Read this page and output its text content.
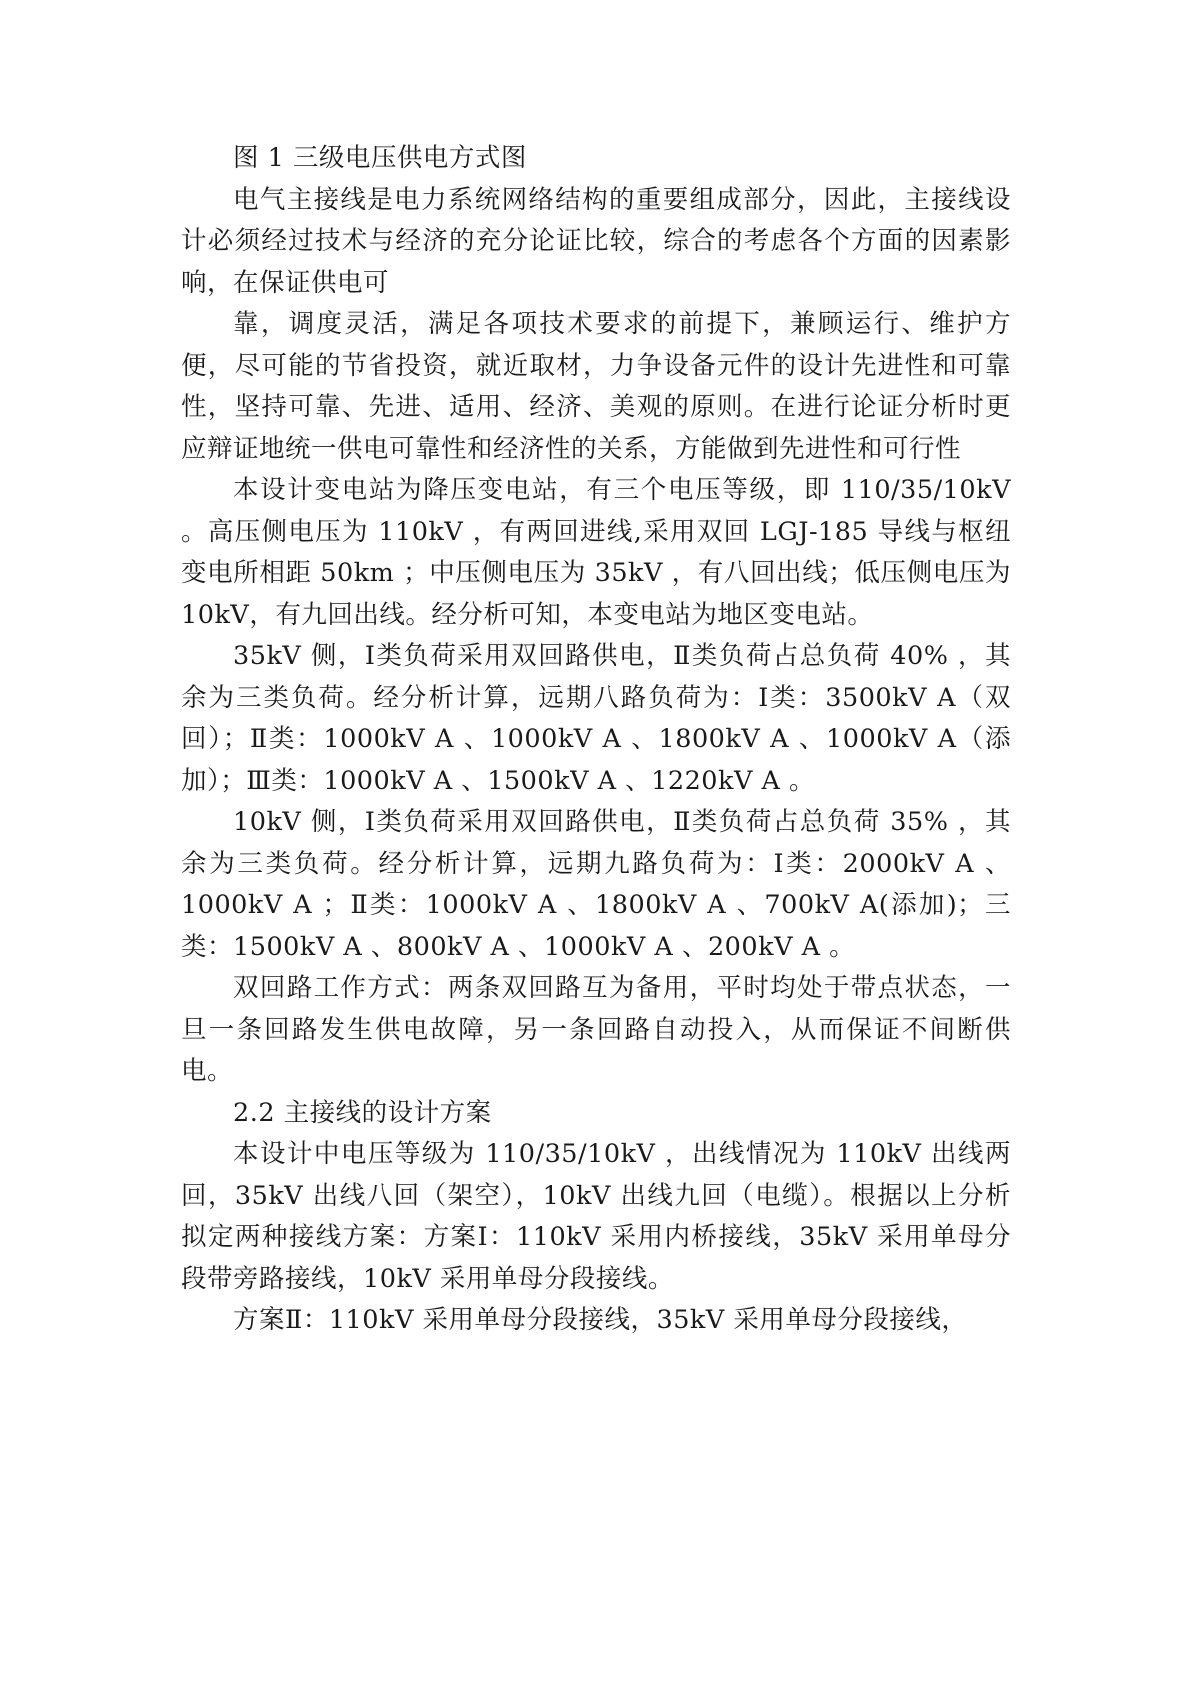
图 1 三级电压供电方式图

电气主接线是电力系统网络结构的重要组成部分，因此，主接线设计必须经过技术与经济的充分论证比较，综合的考虑各个方面的因素影响，在保证供电可

靠，调度灵活，满足各项技术要求的前提下，兼顾运行、维护方便，尽可能的节省投资，就近取材，力争设备元件的设计先进性和可靠性，坚持可靠、先进、适用、经济、美观的原则。在进行论证分析时更应辩证地统一供电可靠性和经济性的关系，方能做到先进性和可行性

本设计变电站为降压变电站，有三个电压等级，即 110/35/10kV 。高压侧电压为 110kV ，有两回进线,采用双回 LGJ-185 导线与枢纽变电所相距 50km ；中压侧电压为 35kV ，有八回出线；低压侧电压为 10kV，有九回出线。经分析可知，本变电站为地区变电站。

35kV 侧，Ⅰ类负荷采用双回路供电，Ⅱ类负荷占总负荷 40% ，其余为三类负荷。经分析计算，远期八路负荷为：Ⅰ类：3500kV A（双回）；Ⅱ类：1000kV A 、1000kV A 、1800kV A 、1000kV A（添加）；Ⅲ类：1000kV A 、1500kV A 、1220kV A 。

10kV 侧，Ⅰ类负荷采用双回路供电，Ⅱ类负荷占总负荷 35% ，其余为三类负荷。经分析计算，远期九路负荷为：Ⅰ类：2000kV A 、1000kV A ；Ⅱ类：1000kV A 、1800kV A 、700kV A(添加)；三类：1500kV A 、800kV A 、1000kV A 、200kV A 。

双回路工作方式：两条双回路互为备用，平时均处于带点状态，一旦一条回路发生供电故障，另一条回路自动投入，从而保证不间断供电。

2.2 主接线的设计方案

本设计中电压等级为 110/35/10kV ，出线情况为 110kV 出线两回，35kV 出线八回（架空），10kV 出线九回（电缆）。根据以上分析拟定两种接线方案：方案Ⅰ：110kV 采用内桥接线，35kV 采用单母分段带旁路接线，10kV 采用单母分段接线。

方案Ⅱ：110kV 采用单母分段接线，35kV 采用单母分段接线，
